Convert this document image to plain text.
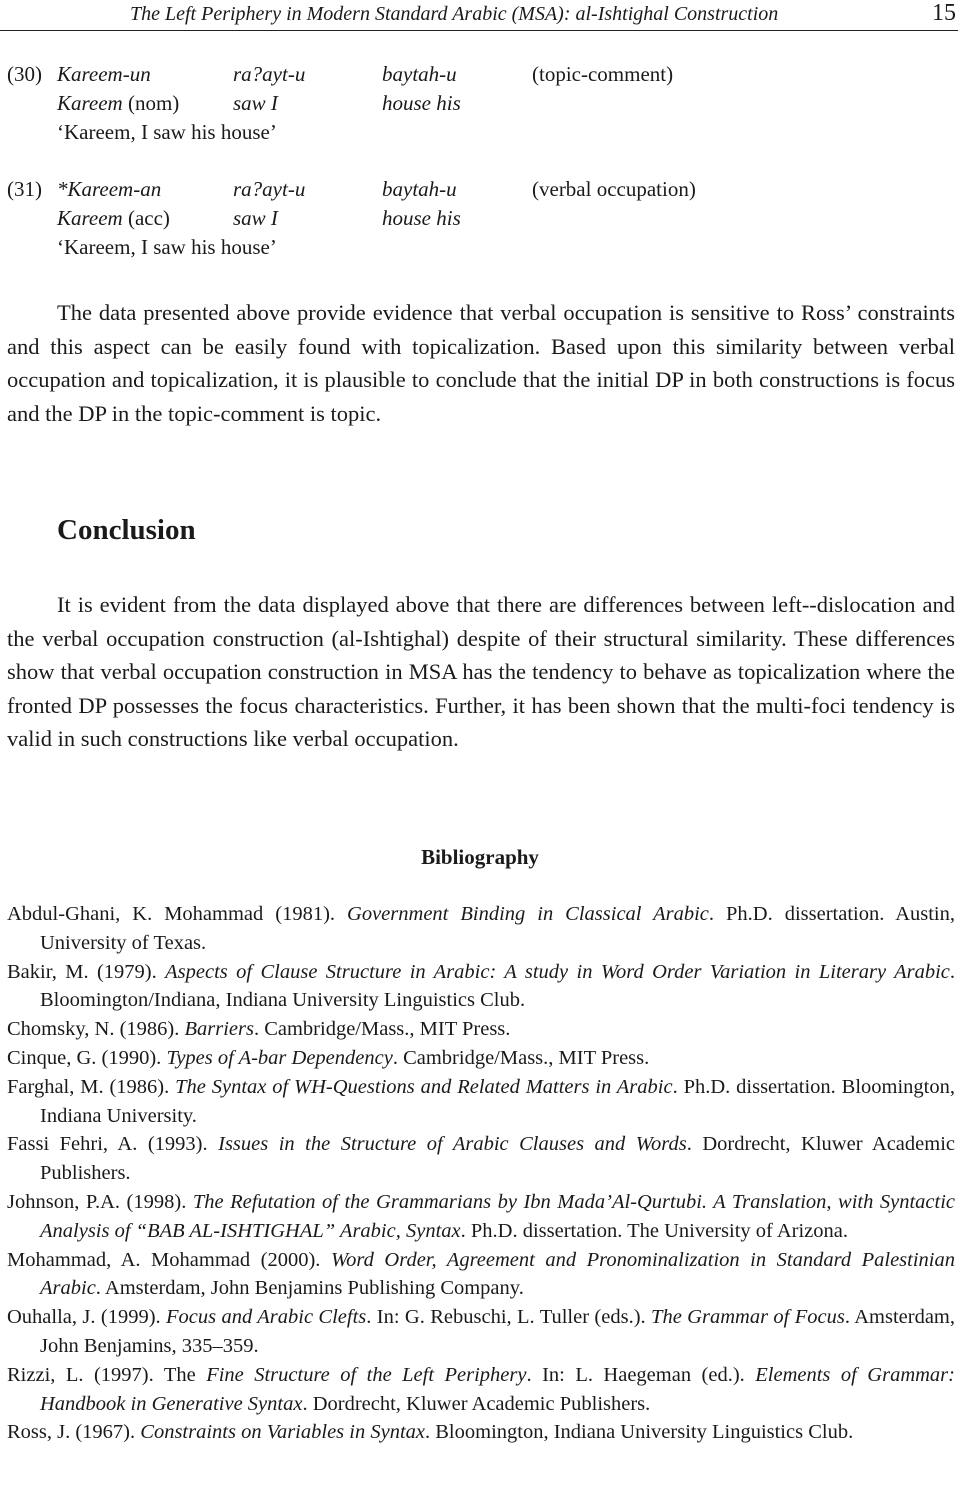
The Left Periphery in Modern Standard Arabic (MSA): al-Ishtighal Construction	15
(30) Kareem-un	ra?ayt-u	baytah-u	(topic-comment)
Kareem (nom)	saw I	house his
‘Kareem, I saw his house’
(31) *Kareem-an	ra?ayt-u	baytah-u	(verbal occupation)
Kareem (acc)	saw I	house his
‘Kareem, I saw his house’

The data presented above provide evidence that verbal occupation is sensitive to Ross’ constraints and this aspect can be easily found with topicalization. Based upon this similarity between verbal occupation and topicalization, it is plausible to conclude that the initial DP in both constructions is focus and the DP in the topic-comment is topic.

Conclusion

It is evident from the data displayed above that there are differences between left--dislocation and the verbal occupation construction (al-Ishtighal) despite of their structural similarity. These differences show that verbal occupation construction in MSA has the tendency to behave as topicalization where the fronted DP possesses the focus characteristics. Further, it has been shown that the multi-foci tendency is valid in such constructions like verbal occupation.

Bibliography
Abdul-Ghani, K. Mohammad (1981). Government Binding in Classical Arabic. Ph.D. dissertation. Austin, University of Texas.
Bakir, M. (1979). Aspects of Clause Structure in Arabic: A study in Word Order Variation in Literary Arabic. Bloomington/Indiana, Indiana University Linguistics Club.
Chomsky, N. (1986). Barriers. Cambridge/Mass., MIT Press.
Cinque, G. (1990). Types of A-bar Dependency. Cambridge/Mass., MIT Press.
Farghal, M. (1986). The Syntax of WH-Questions and Related Matters in Arabic. Ph.D. dissertation. Bloomington, Indiana University.
Fassi Fehri, A. (1993). Issues in the Structure of Arabic Clauses and Words. Dordrecht, Kluwer Academic Publishers.
Johnson, P.A. (1998). The Refutation of the Grammarians by Ibn Mada’Al-Qurtubi. A Translation, with Syntactic Analysis of “BAB AL-ISHTIGHAL” Arabic, Syntax. Ph.D. dissertation. The University of Arizona.
Mohammad, A. Mohammad (2000). Word Order, Agreement and Pronominalization in Standard Palestinian Arabic. Amsterdam, John Benjamins Publishing Company.
Ouhalla, J. (1999). Focus and Arabic Clefts. In: G. Rebuschi, L. Tuller (eds.). The Grammar of Focus. Amsterdam, John Benjamins, 335–359.
Rizzi, L. (1997). The Fine Structure of the Left Periphery. In: L. Haegeman (ed.). Elements of Grammar: Handbook in Generative Syntax. Dordrecht, Kluwer Academic Publishers.
Ross, J. (1967). Constraints on Variables in Syntax. Bloomington, Indiana University Linguistics Club.
